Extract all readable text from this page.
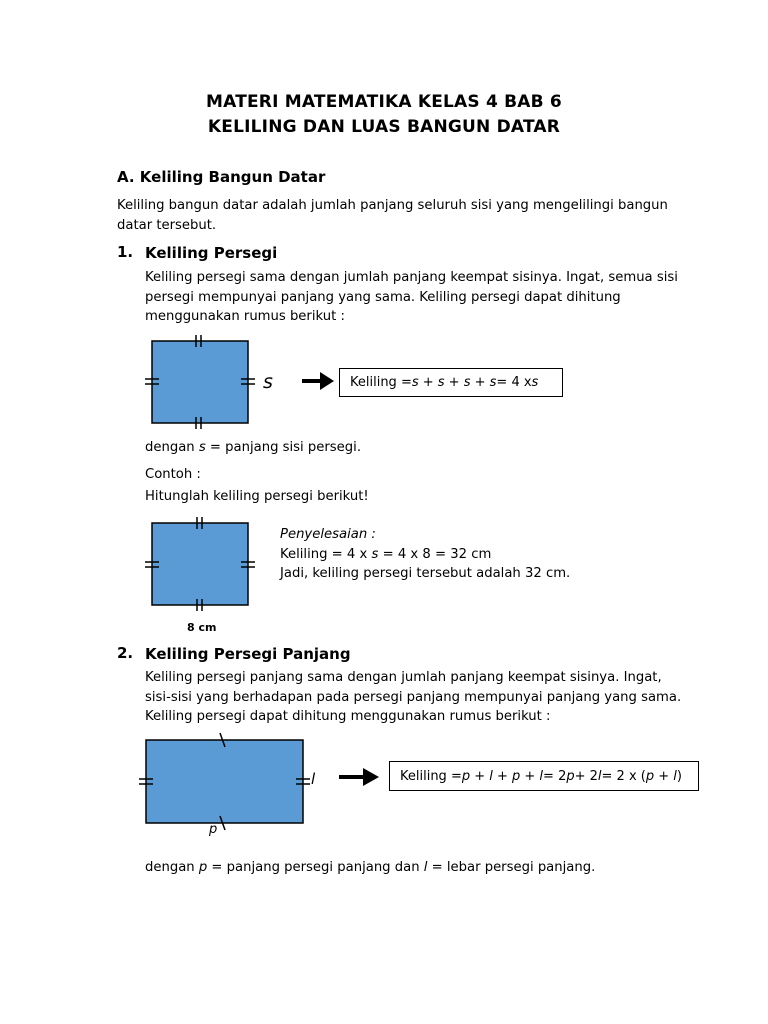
MATERI MATEMATIKA KELAS 4 BAB 6
KELILING DAN LUAS BANGUN DATAR
A. Keliling Bangun Datar
Keliling bangun datar adalah jumlah panjang seluruh sisi yang mengelilingi bangun datar tersebut.
1. Keliling Persegi
Keliling persegi sama dengan jumlah panjang keempat sisinya. Ingat, semua sisi persegi mempunyai panjang yang sama. Keliling persegi dapat dihitung menggunakan rumus berikut :
s	Keliling = s + s + s + s = 4 x s
dengan s = panjang sisi persegi.
Contoh :
Hitunglah keliling persegi berikut!
8 cm
Penyelesaian :
Keliling = 4 x s = 4 x 8 = 32 cm
Jadi, keliling persegi tersebut adalah 32 cm.
2. Keliling Persegi Panjang
Keliling persegi panjang sama dengan jumlah panjang keempat sisinya. Ingat, sisi-sisi yang berhadapan pada persegi panjang mempunyai panjang yang sama. Keliling persegi dapat dihitung menggunakan rumus berikut :
l
p
Keliling = p + l + p + l = 2 p + 2 l = 2 x ( p + l )
dengan p = panjang persegi panjang dan l = lebar persegi panjang.
